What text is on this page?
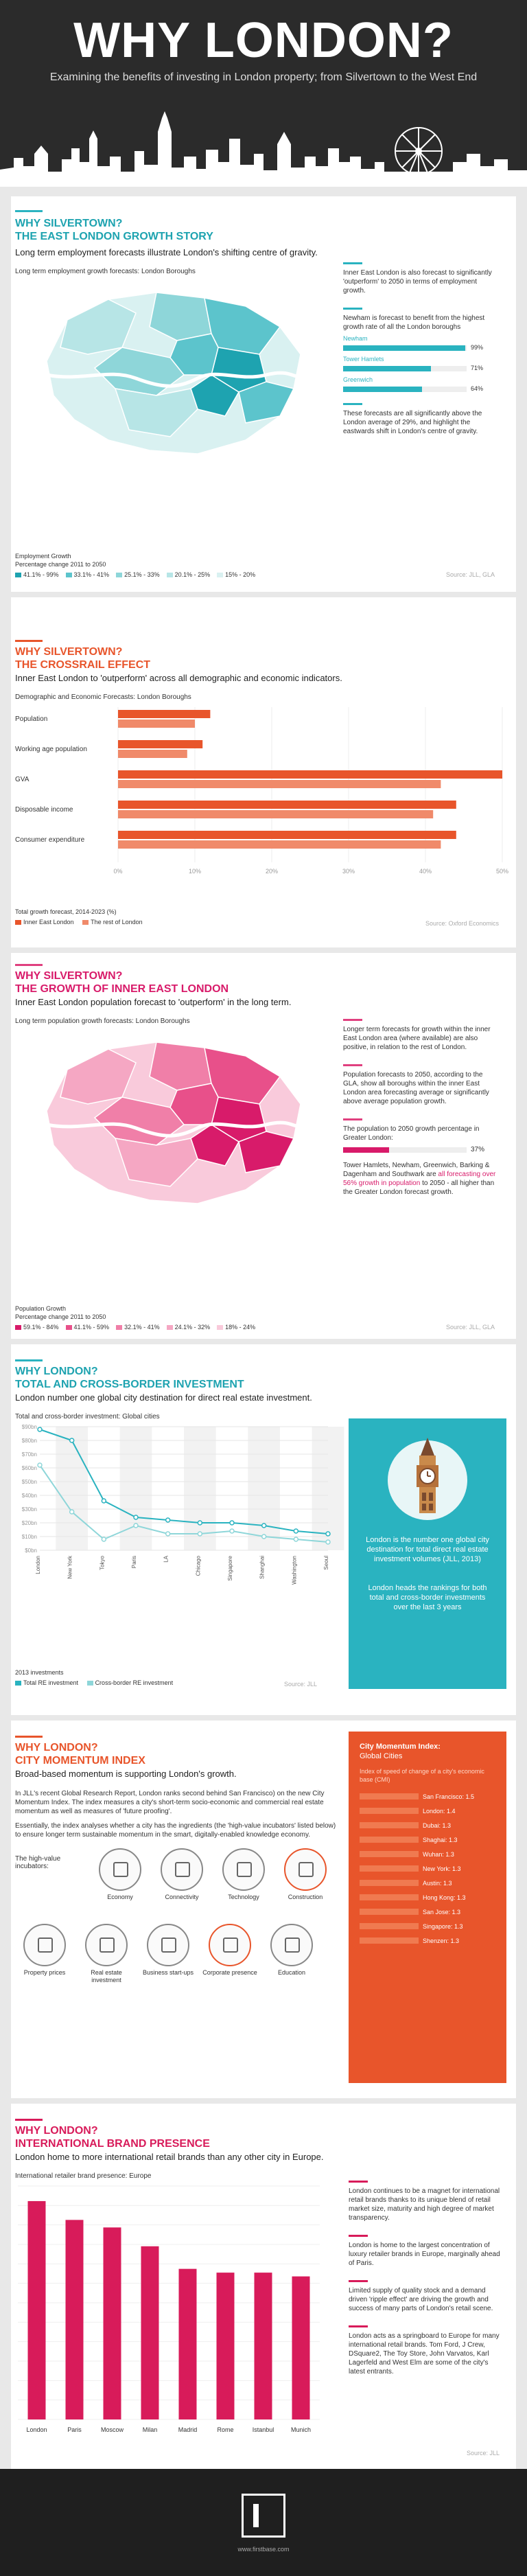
WHY LONDON?
Examining the benefits of investing in London property; from Silvertown to the West End
WHY SILVERTOWN?
THE EAST LONDON GROWTH STORY
Long term employment forecasts illustrate London's shifting centre of gravity.
Long term employment growth forecasts: London Boroughs	Inner East London is also forecast to significantly 'outperform' to 2050 in terms of employment growth.

Newham is forecast to benefit from the highest growth rate of all the London boroughs

Newham
99%
Tower Hamlets
71%
Greenwich
64%

These forecasts are all significantly above the London average of 29%, and highlight the eastwards shift in London's centre of gravity.

Employment Growth
Percentage change 2011 to 2050
41.1% - 99% 33.1% - 41% 25.1% - 33% 20.1% - 25% 15% - 20%	Source: JLL, GLA
WHY SILVERTOWN?
THE CROSSRAIL EFFECT
Inner East London to 'outperform' across all demographic and economic indicators.
Demographic and Economic Forecasts: London Boroughs
0%	10%	20%	30%	40%	50%
Population
Working age population
GVA
Disposable income
Consumer expenditure
Total growth forecast, 2014-2023 (%)
Inner East London	The rest of London	Source: Oxford Economics
WHY SILVERTOWN?
THE GROWTH OF INNER EAST LONDON
Inner East London population forecast to 'outperform' in the long term.
Long term population growth forecasts: London Boroughs

Longer term forecasts for growth within the inner East London area (where available) are also positive, in relation to the rest of London.

Population forecasts to 2050, according to the GLA, show all boroughs within the inner East London area forecasting average or significantly above average population growth.

The population to 2050 growth percentage in Greater London:

37%

Tower Hamlets, Newham, Greenwich, Barking & Dagenham and Southwark are all forecasting over 56% growth in population to 2050 - all higher than the Greater London forecast growth.

Population Growth
Percentage change 2011 to 2050
59.1% - 84% 41.1% - 59% 32.1% - 41% 24.1% - 32% 18% - 24%	Source: JLL, GLA
WHY LONDON?
TOTAL AND CROSS-BORDER INVESTMENT
London number one global city destination for direct real estate investment.
Total and cross-border investment: Global cities
$90bn
$80bn
$70bn
$60bn
$50bn
$40bn
$30bn
$20bn
$10bn
$0bn
London	New York	Tokyo	Paris	LA	Chicago	Singapore	Shanghai	Washington	Seoul
2013 investments
Total RE investment	Cross-border RE investment	Source: JLL
London is the number one global city destination for total direct real estate investment volumes (JLL, 2013)
London heads the rankings for both total and cross-border investments over the last 3 years
WHY LONDON?
CITY MOMENTUM INDEX
Broad-based momentum is supporting London's growth.

In JLL's recent Global Research Report, London ranks second behind San Francisco) on the new City Momentum Index. The index measures a city's short-term socio-economic and commercial real estate momentum as well as measures of 'future proofing'.

Essentially, the index analyses whether a city has the ingredients (the 'high-value incubators' listed below) to ensure longer term sustainable momentum in the smart, digitally-enabled knowledge economy.

The high-value incubators:
Economy	Connectivity	Technology	Construction
Property prices	Real estate investment
Business start-ups	Corporate presence	Education
City Momentum Index:
Global Cities
Index of speed of change of a city's economic base (CMI)
San Francisco: 1.5
London: 1.4
Dubai: 1.3
Shaghai: 1.3
Wuhan: 1.3
New York: 1.3
Austin: 1.3
Hong Kong: 1.3
San Jose: 1.3
Singapore: 1.3
Shenzen: 1.3
WHY LONDON?
INTERNATIONAL BRAND PRESENCE
London home to more international retail brands than any other city in Europe.
International retailer brand presence: Europe
London	Paris	Moscow	Milan	Madrid	Rome	Istanbul	Munich

London continues to be a magnet for international retail brands thanks to its unique blend of retail market size, maturity and high degree of market transparency.

London is home to the largest concentration of luxury retailer brands in Europe, marginally ahead of Paris.

Limited supply of quality stock and a demand driven 'ripple effect' are driving the growth and success of many parts of London's retail scene.

London acts as a springboard to Europe for many international retail brands. Tom Ford, J Crew, DSquare2, The Toy Store, John Varvatos, Karl Lagerfeld and West Elm are some of the city's latest entrants.

Source: JLL
www.firstbase.com
